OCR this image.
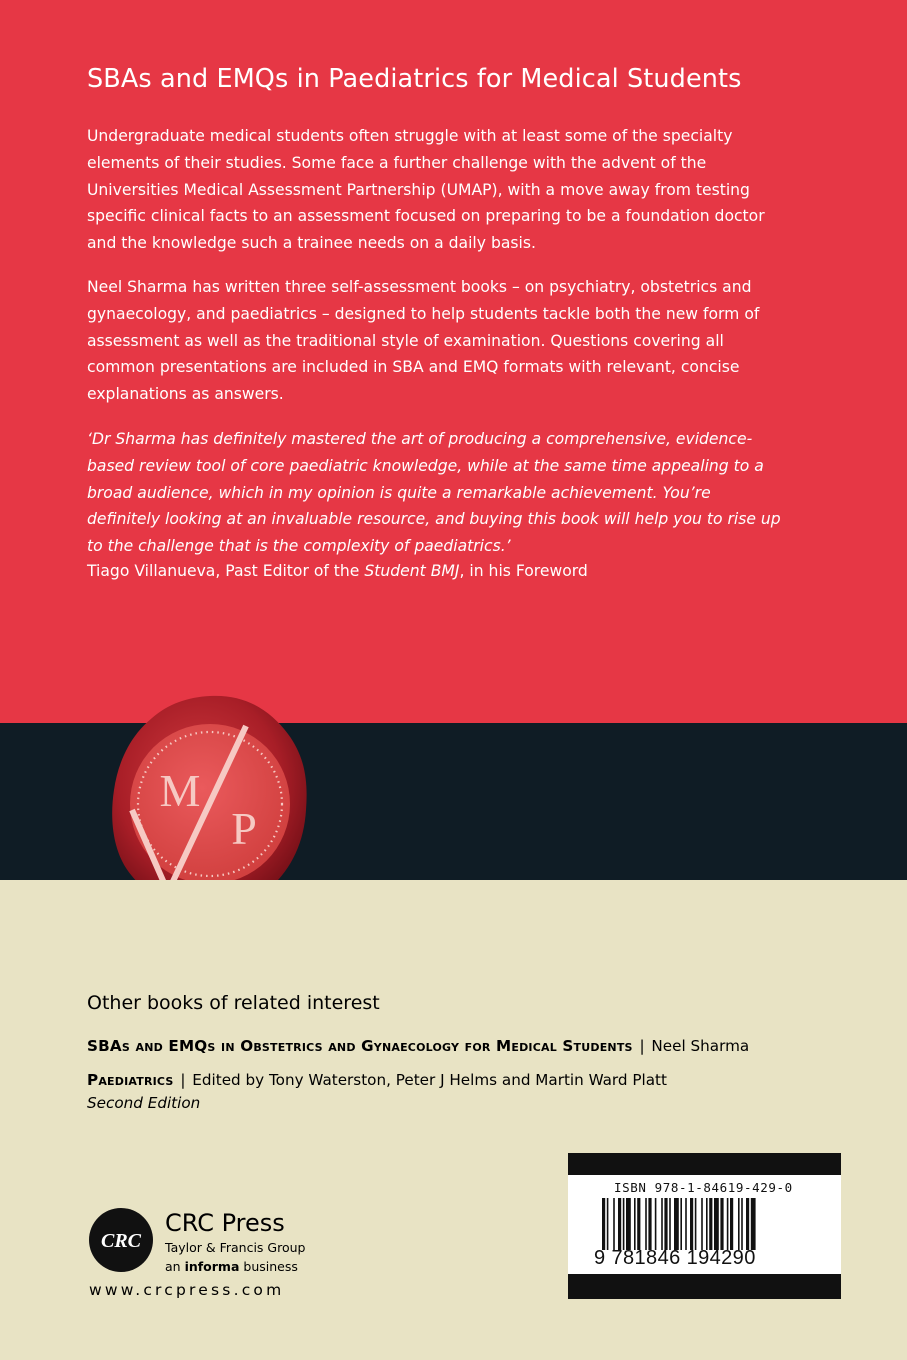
SBAs and EMQs in Paediatrics for Medical Students

Undergraduate medical students often struggle with at least some of the specialty elements of their studies. Some face a further challenge with the advent of the Universities Medical Assessment Partnership (UMAP), with a move away from testing specific clinical facts to an assessment focused on preparing to be a foundation doctor and the knowledge such a trainee needs on a daily basis.

Neel Sharma has written three self-assessment books – on psychiatry, obstetrics and gynaecology, and paediatrics – designed to help students tackle both the new form of assessment as well as the traditional style of examination. Questions covering all common presentations are included in SBA and EMQ formats with relevant, concise explanations as answers.

‘Dr Sharma has definitely mastered the art of producing a comprehensive, evidence-based review tool of core paediatric knowledge, while at the same time appealing to a broad audience, which in my opinion is quite a remarkable achievement. You’re definitely looking at an invaluable resource, and buying this book will help you to rise up to the challenge that is the complexity of paediatrics.’

Tiago Villanueva, Past Editor of the Student BMJ, in his Foreword

M
P

Other books of related interest

SBAs and EMQs in Obstetrics and Gynaecology for Medical Students | Neel Sharma

Paediatrics | Edited by Tony Waterston, Peter J Helms and Martin Ward Platt

Second Edition

CRC

CRC Press

Taylor & Francis Group

an informa business

www.crcpress.com

ISBN 978-1-84619-429-0

9 781846 194290
